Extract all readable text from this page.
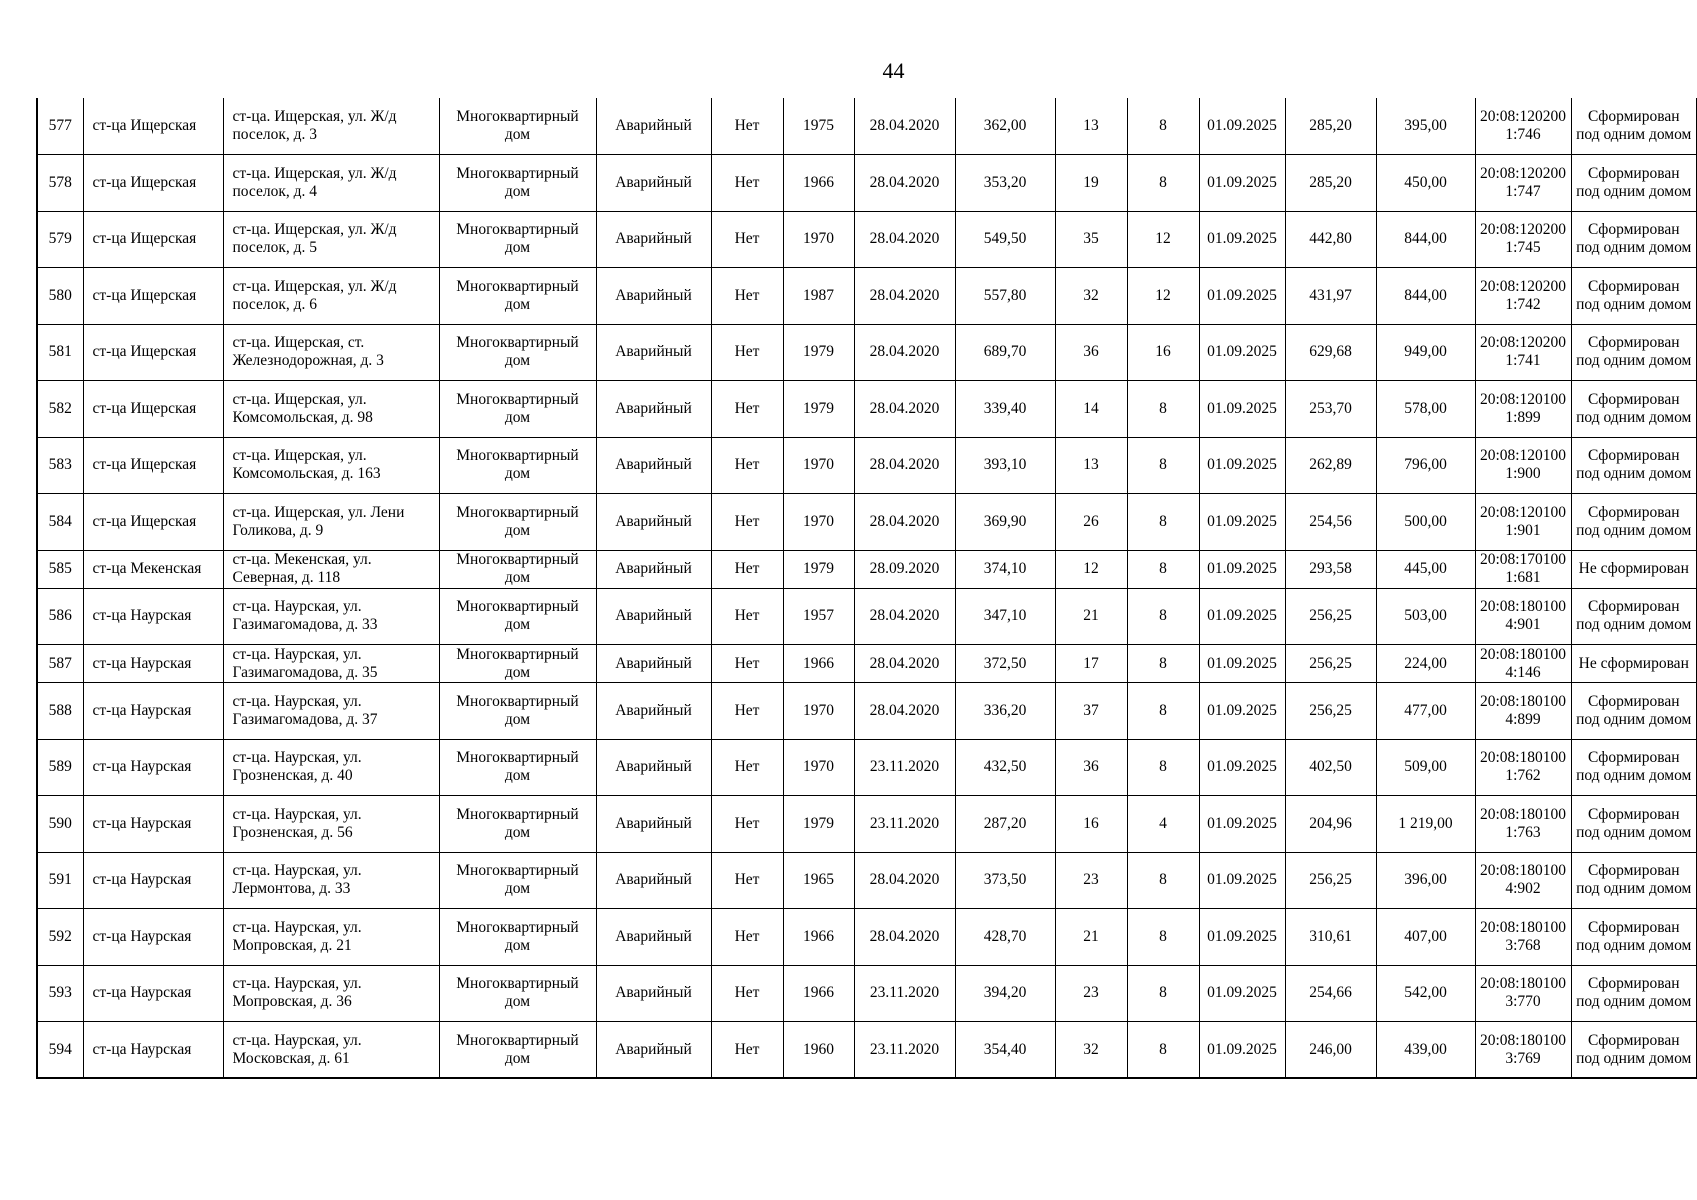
44
577	ст-ца Ищерская	ст-ца. Ищерская, ул. Ж/д поселок, д. 3	Многоквартирный дом	Аварийный	Нет	1975	28.04.2020	362,00	13	8	01.09.2025	285,20	395,00	20:08:1202001:746	Сформирован под одним домом
578	ст-ца Ищерская	ст-ца. Ищерская, ул. Ж/д поселок, д. 4	Многоквартирный дом	Аварийный	Нет	1966	28.04.2020	353,20	19	8	01.09.2025	285,20	450,00	20:08:1202001:747	Сформирован под одним домом
579	ст-ца Ищерская	ст-ца. Ищерская, ул. Ж/д поселок, д. 5	Многоквартирный дом	Аварийный	Нет	1970	28.04.2020	549,50	35	12	01.09.2025	442,80	844,00	20:08:1202001:745	Сформирован под одним домом
580	ст-ца Ищерская	ст-ца. Ищерская, ул. Ж/д поселок, д. 6	Многоквартирный дом	Аварийный	Нет	1987	28.04.2020	557,80	32	12	01.09.2025	431,97	844,00	20:08:1202001:742	Сформирован под одним домом
581	ст-ца Ищерская	ст-ца. Ищерская, ст. Железнодорожная, д. 3	Многоквартирный дом	Аварийный	Нет	1979	28.04.2020	689,70	36	16	01.09.2025	629,68	949,00	20:08:1202001:741	Сформирован под одним домом
582	ст-ца Ищерская	ст-ца. Ищерская, ул. Комсомольская, д. 98	Многоквартирный дом	Аварийный	Нет	1979	28.04.2020	339,40	14	8	01.09.2025	253,70	578,00	20:08:1201001:899	Сформирован под одним домом
583	ст-ца Ищерская	ст-ца. Ищерская, ул. Комсомольская, д. 163	Многоквартирный дом	Аварийный	Нет	1970	28.04.2020	393,10	13	8	01.09.2025	262,89	796,00	20:08:1201001:900	Сформирован под одним домом
584	ст-ца Ищерская	ст-ца. Ищерская, ул. Лени Голикова, д. 9	Многоквартирный дом	Аварийный	Нет	1970	28.04.2020	369,90	26	8	01.09.2025	254,56	500,00	20:08:1201001:901	Сформирован под одним домом
585	ст-ца Мекенская	ст-ца. Мекенская, ул. Северная, д. 118	Многоквартирный дом	Аварийный	Нет	1979	28.09.2020	374,10	12	8	01.09.2025	293,58	445,00	20:08:1701001:681	Не сформирован
586	ст-ца Наурская	ст-ца. Наурская, ул. Газимагомадова, д. 33	Многоквартирный дом	Аварийный	Нет	1957	28.04.2020	347,10	21	8	01.09.2025	256,25	503,00	20:08:1801004:901	Сформирован под одним домом
587	ст-ца Наурская	ст-ца. Наурская, ул. Газимагомадова, д. 35	Многоквартирный дом	Аварийный	Нет	1966	28.04.2020	372,50	17	8	01.09.2025	256,25	224,00	20:08:1801004:146	Не сформирован
588	ст-ца Наурская	ст-ца. Наурская, ул. Газимагомадова, д. 37	Многоквартирный дом	Аварийный	Нет	1970	28.04.2020	336,20	37	8	01.09.2025	256,25	477,00	20:08:1801004:899	Сформирован под одним домом
589	ст-ца Наурская	ст-ца. Наурская, ул. Грозненская, д. 40	Многоквартирный дом	Аварийный	Нет	1970	23.11.2020	432,50	36	8	01.09.2025	402,50	509,00	20:08:1801001:762	Сформирован под одним домом
590	ст-ца Наурская	ст-ца. Наурская, ул. Грозненская, д. 56	Многоквартирный дом	Аварийный	Нет	1979	23.11.2020	287,20	16	4	01.09.2025	204,96	1 219,00	20:08:1801001:763	Сформирован под одним домом
591	ст-ца Наурская	ст-ца. Наурская, ул. Лермонтова, д. 33	Многоквартирный дом	Аварийный	Нет	1965	28.04.2020	373,50	23	8	01.09.2025	256,25	396,00	20:08:1801004:902	Сформирован под одним домом
592	ст-ца Наурская	ст-ца. Наурская, ул. Мопровская, д. 21	Многоквартирный дом	Аварийный	Нет	1966	28.04.2020	428,70	21	8	01.09.2025	310,61	407,00	20:08:1801003:768	Сформирован под одним домом
593	ст-ца Наурская	ст-ца. Наурская, ул. Мопровская, д. 36	Многоквартирный дом	Аварийный	Нет	1966	23.11.2020	394,20	23	8	01.09.2025	254,66	542,00	20:08:1801003:770	Сформирован под одним домом
594	ст-ца Наурская	ст-ца. Наурская, ул. Московская, д. 61	Многоквартирный дом	Аварийный	Нет	1960	23.11.2020	354,40	32	8	01.09.2025	246,00	439,00	20:08:1801003:769	Сформирован под одним домом
